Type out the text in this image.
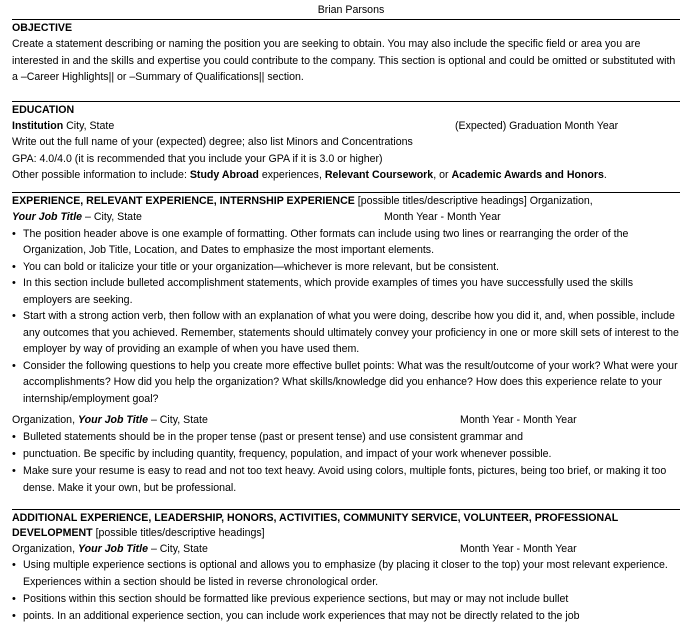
Brian Parsons
OBJECTIVE

Create a statement describing or naming the position you are seeking to obtain. You may also include the specific field or area you are interested in and the skills and expertise you could contribute to the company. This section is optional and could be omitted or substituted with a –Career Highlights|| or –Summary of Qualifications|| section.

EDUCATION
Institution City, State	(Expected) Graduation Month Year

Write out the full name of your (expected) degree; also list Minors and Concentrations

GPA: 4.0/4.0 (it is recommended that you include your GPA if it is 3.0 or higher)

Other possible information to include: Study Abroad experiences, Relevant Coursework, or Academic Awards and Honors.

EXPERIENCE, RELEVANT EXPERIENCE, INTERNSHIP EXPERIENCE [possible titles/descriptive headings] Organization,
Your Job Title – City, State	Month Year - Month Year
• The position header above is one example of formatting. Other formats can include using two lines or rearranging the order of the Organization, Job Title, Location, and Dates to emphasize the most important elements.
• You can bold or italicize your title or your organization—whichever is more relevant, but be consistent.
• In this section include bulleted accomplishment statements, which provide examples of times you have successfully used the skills employers are seeking.
• Start with a strong action verb, then follow with an explanation of what you were doing, describe how you did it, and, when possible, include any outcomes that you achieved. Remember, statements should ultimately convey your proficiency in one or more skill sets of interest to the employer by way of providing an example of when you have used them.
• Consider the following questions to help you create more effective bullet points: What was the result/outcome of your work? What were your accomplishments? How did you help the organization? What skills/knowledge did you enhance? How does this experience relate to your internship/employment goal?
Organization, Your Job Title – City, State	Month Year - Month Year
• Bulleted statements should be in the proper tense (past or present tense) and use consistent grammar and
• punctuation. Be specific by including quantity, frequency, population, and impact of your work whenever possible.
• Make sure your resume is easy to read and not too text heavy. Avoid using colors, multiple fonts, pictures, being too brief, or making it too dense. Make it your own, but be professional.
ADDITIONAL EXPERIENCE, LEADERSHIP, HONORS, ACTIVITIES, COMMUNITY SERVICE, VOLUNTEER, PROFESSIONAL
DEVELOPMENT [possible titles/descriptive headings]
Organization, Your Job Title – City, State	Month Year - Month Year
• Using multiple experience sections is optional and allows you to emphasize (by placing it closer to the top) your most relevant experience. Experiences within a section should be listed in reverse chronological order.
• Positions within this section should be formatted like previous experience sections, but may or may not include bullet
• points. In an additional experience section, you can include work experiences that may not be directly related to the job
